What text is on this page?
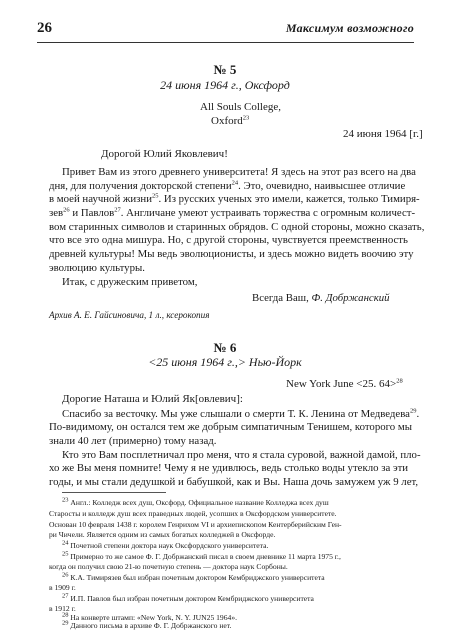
26	Максимум возможного
№ 5
24 июня 1964 г., Оксфорд
All Souls College,
Oxford$^{23}$
24 июня 1964 [г.]
Дорогой Юлий Яковлевич!
Привет Вам из этого древнего университета! Я здесь на этот раз всего на два
дня, для получения докторской степени$^{24}$. Это, очевидно, наивысшее отличие
в моей научной жизни$^{25}$. Из русских ученых это имели, кажется, только Тимиря-
зев$^{26}$ и Павлов$^{27}$. Англичане умеют устраивать торжества с огромным количест-
вом старинных символов и старинных обрядов. С одной стороны, можно сказать,
что все это одна мишура. Но, с другой стороны, чувствуется преемственность
древней культуры! Мы ведь эволюционисты, и здесь можно видеть воочию эту
эволюцию культуры.
Итак, с дружеским приветом,
Всегда Ваш, Ф. Добржанский
Архив А. Е. Гайсиновича, 1 л., ксерокопия
№ 6
<25 июня 1964 г.,> Нью-Йорк
New York June <25. 64>$^{28}$
Дорогие Наташа и Юлий Як[овлевич]:
Спасибо за весточку. Мы уже слышали о смерти Т. К. Ленина от Медведева$^{29}$.
По-видимому, он остался тем же добрым симпатичным Тенишем, которого мы
знали 40 лет (примерно) тому назад.
Кто это Вам посплетничал про меня, что я стала суровой, важной дамой, пло-
хо же Вы меня помните! Чему я не удивлюсь, ведь столько воды утекло за эти
годы, и мы стали дедушкой и бабушкой, как и Вы. Наша дочь замужем уж 9 лет,
$^{23}$ Англ.: Колледж всех душ, Оксфорд. Официальное название Колледжа всех душ
Старосты и колледж душ всех праведных людей, усопших в Оксфордском университете.
Основан 10 февраля 1438 г. королем Генрихом VI и архиепископом Кентерберийским Ген-
ри Чичели. Является одним из самых богатых колледжей в Оксфорде.
$^{24}$ Почетной степени доктора наук Оксфордского университета.
$^{25}$ Примерно то же самое Ф. Г. Добржанский писал в своем дневнике 11 марта 1975 г.,
когда он получил свою 21-ю почетную степень — доктора наук Сорбоны.
$^{26}$ К.А. Тимирязев был избран почетным доктором Кембриджского университета
в 1909 г.
$^{27}$ И.П. Павлов был избран почетным доктором Кембриджского университета
в 1912 г.
$^{28}$ На конверте штамп: «New York, N. Y. JUN25 1964».
$^{29}$ Данного письма в архиве Ф. Г. Добржанского нет.
